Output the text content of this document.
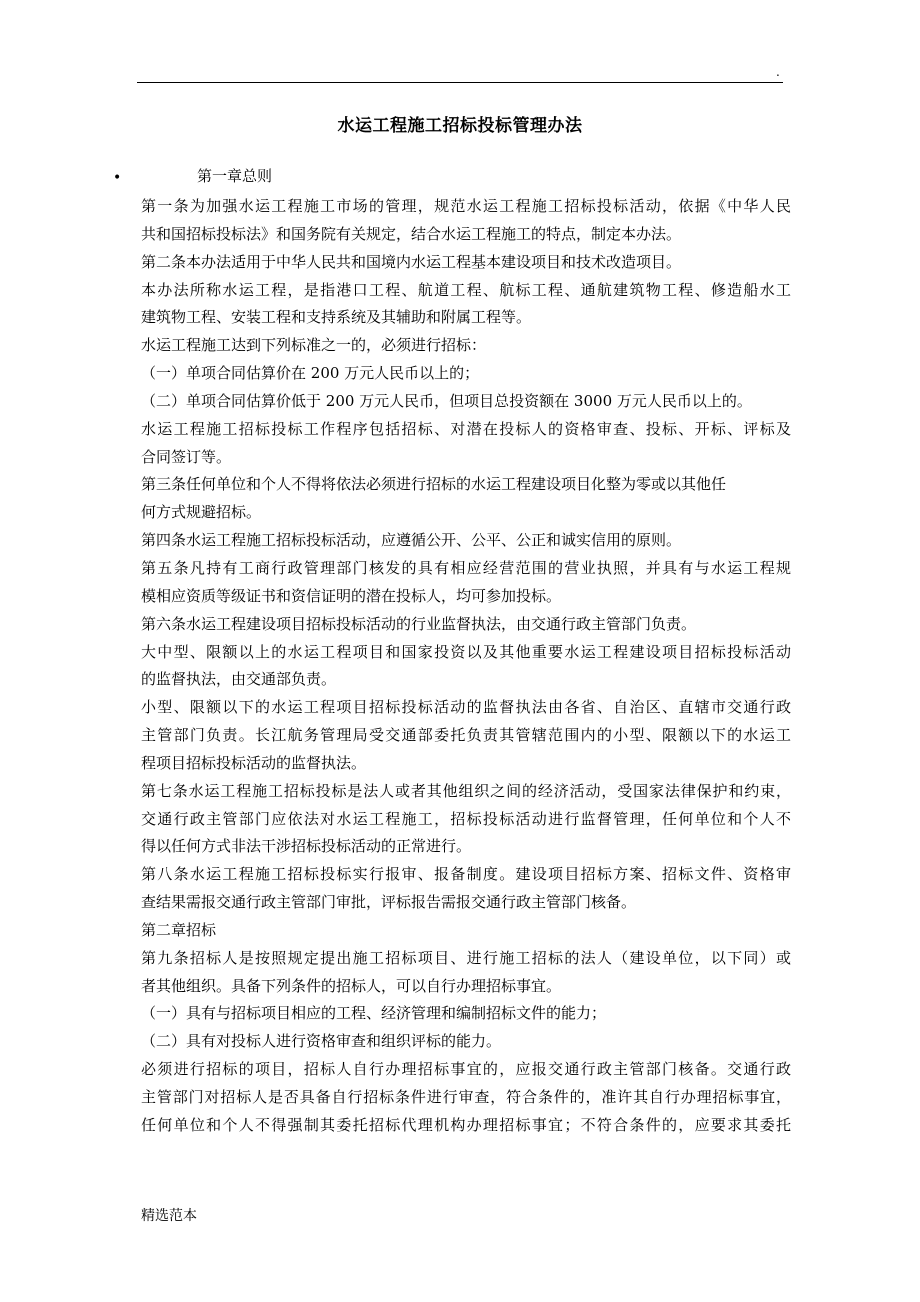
.
水运工程施工招标投标管理办法
•	第一章总则
第一条为加强水运工程施工市场的管理，规范水运工程施工招标投标活动，依据《中华人民
共和国招标投标法》和国务院有关规定，结合水运工程施工的特点，制定本办法。
第二条本办法适用于中华人民共和国境内水运工程基本建设项目和技术改造项目。
本办法所称水运工程，是指港口工程、航道工程、航标工程、通航建筑物工程、修造船水工
建筑物工程、安装工程和支持系统及其辅助和附属工程等。
水运工程施工达到下列标准之一的，必须进行招标：
（一）单项合同估算价在 200 万元人民币以上的；
（二）单项合同估算价低于 200 万元人民币，但项目总投资额在 3000 万元人民币以上的。
水运工程施工招标投标工作程序包括招标、对潜在投标人的资格审查、投标、开标、评标及
合同签订等。
第三条任何单位和个人不得将依法必须进行招标的水运工程建设项目化整为零或以其他任
何方式规避招标。
第四条水运工程施工招标投标活动，应遵循公开、公平、公正和诚实信用的原则。
第五条凡持有工商行政管理部门核发的具有相应经营范围的营业执照，并具有与水运工程规
模相应资质等级证书和资信证明的潜在投标人，均可参加投标。
第六条水运工程建设项目招标投标活动的行业监督执法，由交通行政主管部门负责。
大中型、限额以上的水运工程项目和国家投资以及其他重要水运工程建设项目招标投标活动
的监督执法，由交通部负责。
小型、限额以下的水运工程项目招标投标活动的监督执法由各省、自治区、直辖市交通行政
主管部门负责。长江航务管理局受交通部委托负责其管辖范围内的小型、限额以下的水运工
程项目招标投标活动的监督执法。
第七条水运工程施工招标投标是法人或者其他组织之间的经济活动，受国家法律保护和约束，
交通行政主管部门应依法对水运工程施工，招标投标活动进行监督管理，任何单位和个人不
得以任何方式非法干涉招标投标活动的正常进行。
第八条水运工程施工招标投标实行报审、报备制度。建设项目招标方案、招标文件、资格审
查结果需报交通行政主管部门审批，评标报告需报交通行政主管部门核备。
第二章招标
第九条招标人是按照规定提出施工招标项目、进行施工招标的法人（建设单位，以下同）或
者其他组织。具备下列条件的招标人，可以自行办理招标事宜。
（一）具有与招标项目相应的工程、经济管理和编制招标文件的能力；
（二）具有对投标人进行资格审查和组织评标的能力。
必须进行招标的项目，招标人自行办理招标事宜的，应报交通行政主管部门核备。交通行政
主管部门对招标人是否具备自行招标条件进行审查，符合条件的，准许其自行办理招标事宜，
任何单位和个人不得强制其委托招标代理机构办理招标事宜；不符合条件的，应要求其委托
精选范本
